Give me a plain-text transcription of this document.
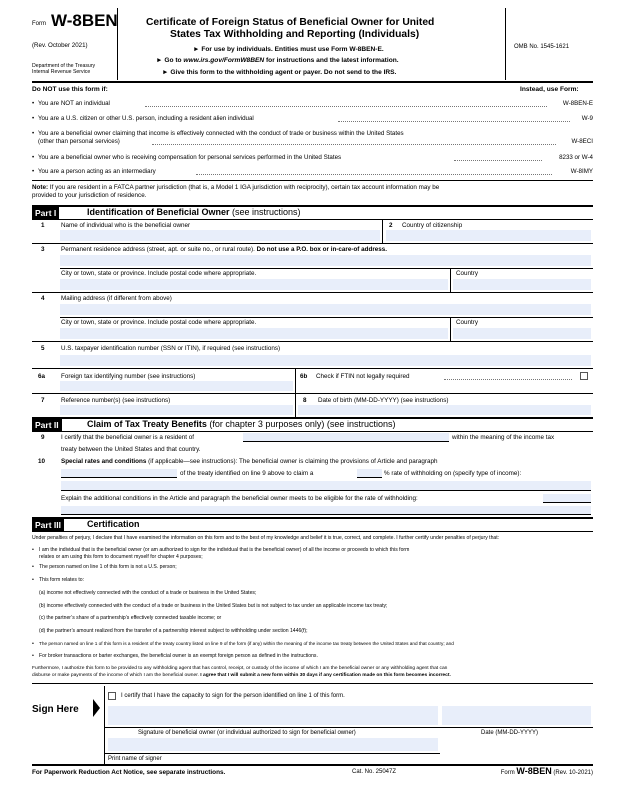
Form W-8BEN
(Rev. October 2021)
Department of the Treasury
Internal Revenue Service
Certificate of Foreign Status of Beneficial Owner for United
States Tax Withholding and Reporting (Individuals)
► For use by individuals. Entities must use Form W-8BEN-E.
► Go to www.irs.gov/FormW8BEN for instructions and the latest information.
► Give this form to the withholding agent or payer. Do not send to the IRS.
OMB No. 1545-1621
Do NOT use this form if:	Instead, use Form:
• You are NOT an individual	W-8BEN-E
• You are a U.S. citizen or other U.S. person, including a resident alien individual	W-9
• You are a beneficial owner claiming that income is effectively connected with the conduct of trade or business within the United States
(other than personal services)	W-8ECI
• You are a beneficial owner who is receiving compensation for personal services performed in the United States	8233 or W-4
• You are a person acting as an intermediary	W-8IMY
Note: If you are resident in a FATCA partner jurisdiction (that is, a Model 1 IGA jurisdiction with reciprocity), certain tax account information may be
provided to your jurisdiction of residence.
Part I	Identification of Beneficial Owner (see instructions)
1	Name of individual who is the beneficial owner	2 Country of citizenship
3	Permanent residence address (street, apt. or suite no., or rural route). Do not use a P.O. box or in-care-of address.
City or town, state or province. Include postal code where appropriate.	Country
4	Mailing address (if different from above)
City or town, state or province. Include postal code where appropriate.	Country
5	U.S. taxpayer identification number (SSN or ITIN), if required (see instructions)
6a	Foreign tax identifying number (see instructions)	6b Check if FTIN not legally required
7	Reference number(s) (see instructions)	8 Date of birth (MM-DD-YYYY) (see instructions)
Part II	Claim of Tax Treaty Benefits (for chapter 3 purposes only) (see instructions)
9	I certify that the beneficial owner is a resident of	within the meaning of the income tax
treaty between the United States and that country.
10	Special rates and conditions (if applicable—see instructions): The beneficial owner is claiming the provisions of Article and paragraph
of the treaty identified on line 9 above to claim a	% rate of withholding on (specify type of income):
Explain the additional conditions in the Article and paragraph the beneficial owner meets to be eligible for the rate of withholding:
Part III	Certification
Under penalties of perjury, I declare that I have examined the information on this form and to the best of my knowledge and belief it is true, correct, and complete. I further certify under penalties of perjury that:
• I am the individual that is the beneficial owner (or am authorized to sign for the individual that is the beneficial owner) of all the income or proceeds to which this form
relates or am using this form to document myself for chapter 4 purposes;
• The person named on line 1 of this form is not a U.S. person;
• This form relates to:
(a) income not effectively connected with the conduct of a trade or business in the United States;
(b) income effectively connected with the conduct of a trade or business in the United States but is not subject to tax under an applicable income tax treaty;
(c) the partner’s share of a partnership’s effectively connected taxable income; or
(d) the partner’s amount realized from the transfer of a partnership interest subject to withholding under section 1446(f);
• The person named on line 1 of this form is a resident of the treaty country listed on line 9 of the form (if any) within the meaning of the income tax treaty between the United States and that country; and
• For broker transactions or barter exchanges, the beneficial owner is an exempt foreign person as defined in the instructions.
Furthermore, I authorize this form to be provided to any withholding agent that has control, receipt, or custody of the income of which I am the beneficial owner or any withholding agent that can
disburse or make payments of the income of which I am the beneficial owner. I agree that I will submit a new form within 30 days if any certification made on this form becomes incorrect.
I certify that I have the capacity to sign for the person identified on line 1 of this form.
Sign Here
Signature of beneficial owner (or individual authorized to sign for beneficial owner)	Date (MM-DD-YYYY)
Print name of signer
For Paperwork Reduction Act Notice, see separate instructions.	Cat. No. 25047Z	Form W-8BEN (Rev. 10-2021)
